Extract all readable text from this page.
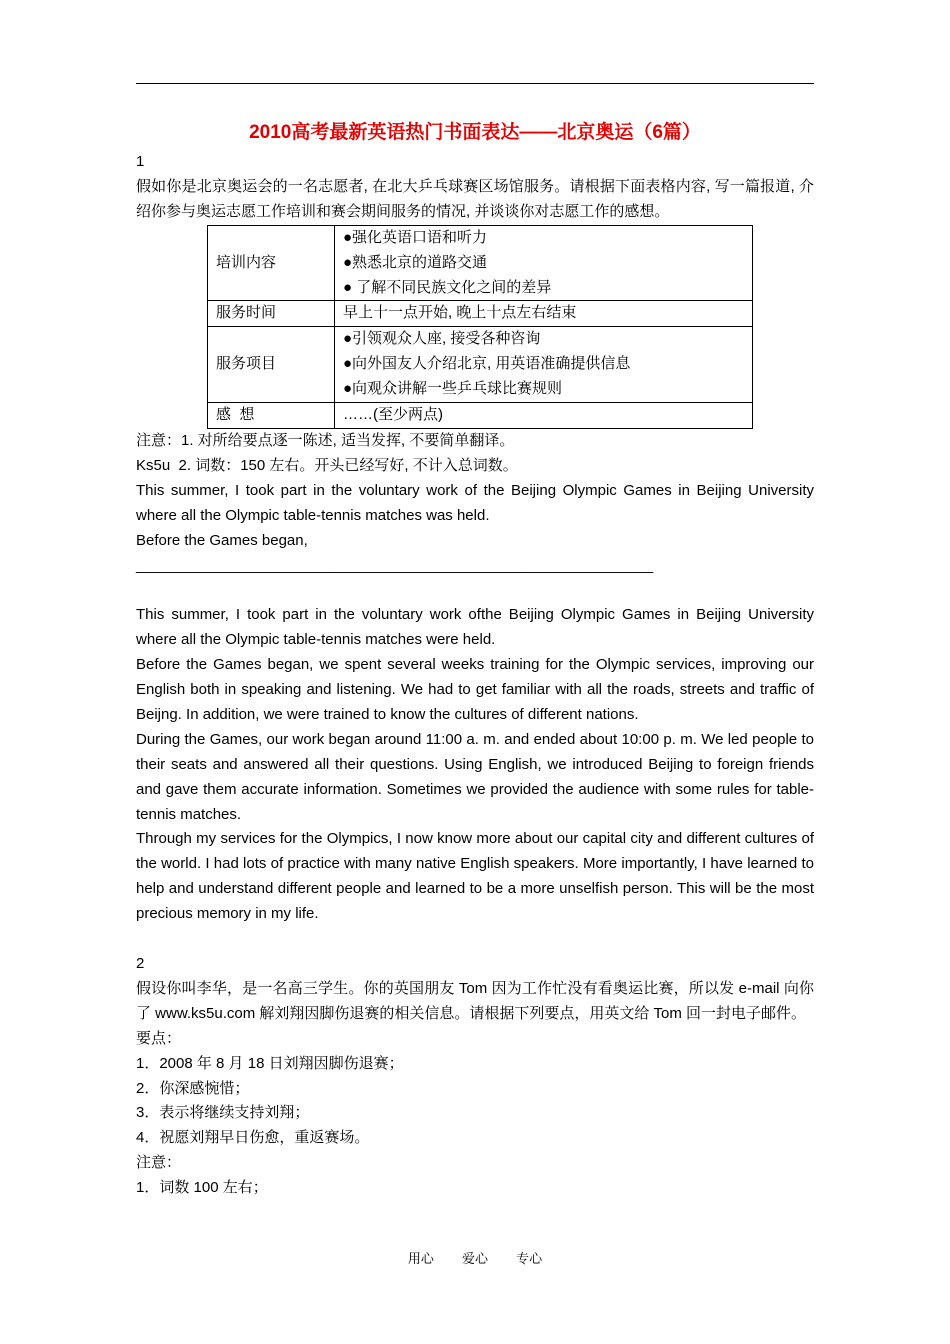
2010高考最新英语热门书面表达——北京奥运（6篇）

1

假如你是北京奥运会的一名志愿者, 在北大乒乓球赛区场馆服务。请根据下面表格内容, 写一篇报道, 介绍你参与奥运志愿工作培训和赛会期间服务的情况, 并谈谈你对志愿工作的感想。

培训内容	●强化英语口语和听力
●熟悉北京的道路交通
● 了解不同民族文化之间的差异

服务时间	早上十一点开始, 晚上十点左右结束
服务项目	●引领观众人座, 接受各种咨询
●向外国友人介绍北京, 用英语准确提供信息
●向观众讲解一些乒乓球比赛规则

感  想	……(至少两点)

注意：1. 对所给要点逐一陈述, 适当发挥, 不要简单翻译。

Ks5u  2. 词数：150 左右。开头已经写好, 不计入总词数。

This summer, I took part in the voluntary work of the Beijing Olympic Games in Beijing University where all the Olympic table-tennis matches was held.

Before the Games began, ______________________________________________________________

This summer, I took part in the voluntary work ofthe Beijing Olympic Games in Beijing University where all the Olympic table-tennis matches were held.

Before the Games began, we spent several weeks training for the Olympic services, improving our English both in speaking and listening. We had to get familiar with all the roads, streets and traffic of Beijng. In addition, we were trained to know the cultures of different nations.

During the Games, our work began around 11:00 a. m. and ended about 10:00 p. m. We led people to their seats and answered all their questions. Using English, we introduced Beijing to foreign friends and gave them accurate information. Sometimes we provided the audience with some rules for table-tennis matches.

Through my services for the Olympics, I now know more about our capital city and different cultures of the world. I had lots of practice with many native English speakers. More importantly, I have learned to help and understand different people and learned to be a more unselfish person. This will be the most precious memory in my life.

2

假设你叫李华，是一名高三学生。你的英国朋友 Tom 因为工作忙没有看奥运比赛，所以发 e-mail 向你了 www.ks5u.com 解刘翔因脚伤退赛的相关信息。请根据下列要点，用英文给 Tom 回一封电子邮件。

要点：

1．2008 年 8 月 18 日刘翔因脚伤退赛；

2．你深感惋惜；

3．表示将继续支持刘翔；

4．祝愿刘翔早日伤愈，重返赛场。

注意：

1．词数 100 左右；

用心 爱心 专心
